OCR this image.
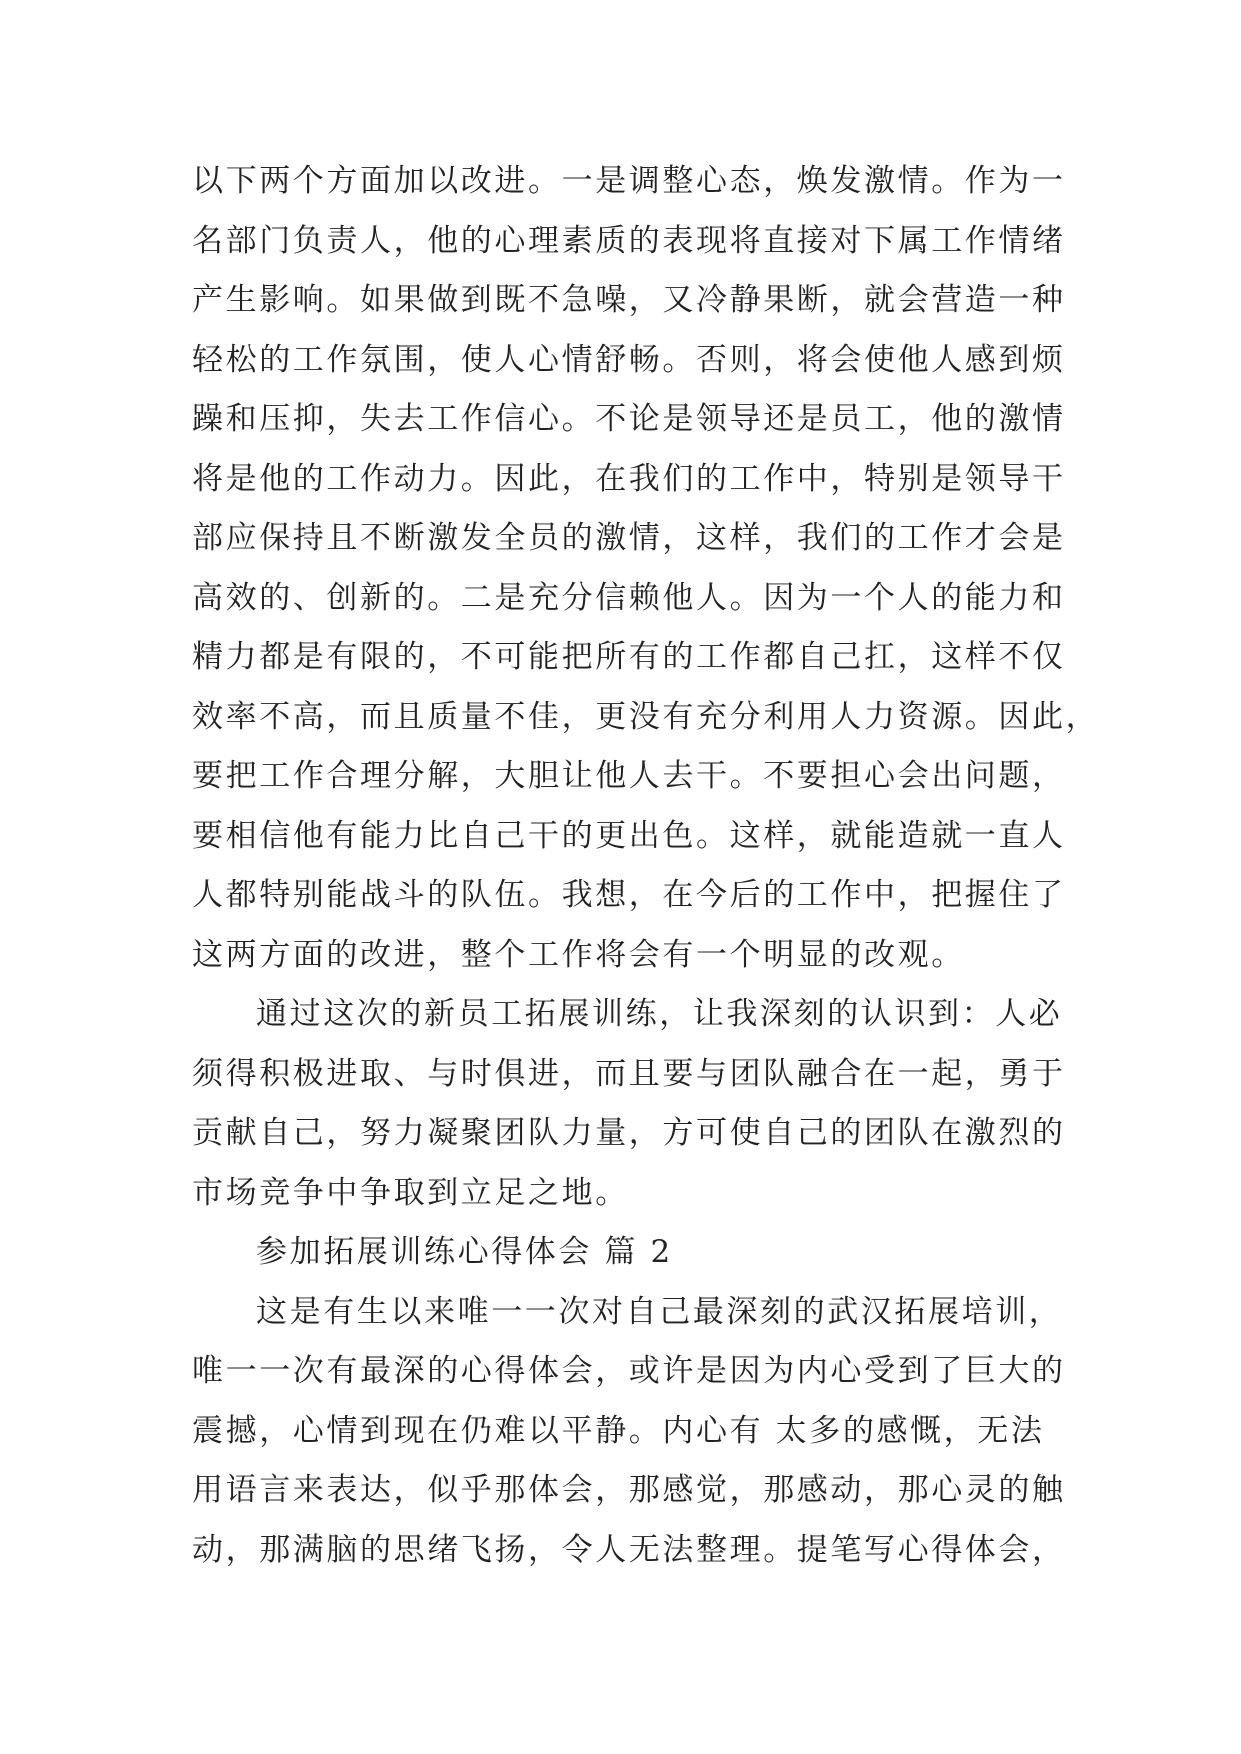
以下两个方面加以改进。一是调整心态，焕发激情。作为一
名部门负责人，他的心理素质的表现将直接对下属工作情绪
产生影响。如果做到既不急噪，又冷静果断，就会营造一种
轻松的工作氛围，使人心情舒畅。否则，将会使他人感到烦
躁和压抑，失去工作信心。不论是领导还是员工，他的激情
将是他的工作动力。因此，在我们的工作中，特别是领导干
部应保持且不断激发全员的激情，这样，我们的工作才会是
高效的、创新的。二是充分信赖他人。因为一个人的能力和
精力都是有限的，不可能把所有的工作都自己扛，这样不仅
效率不高，而且质量不佳，更没有充分利用人力资源。因此，
要把工作合理分解，大胆让他人去干。不要担心会出问题，
要相信他有能力比自己干的更出色。这样，就能造就一直人
人都特别能战斗的队伍。我想，在今后的工作中，把握住了
这两方面的改进，整个工作将会有一个明显的改观。
通过这次的新员工拓展训练，让我深刻的认识到：人必
须得积极进取、与时俱进，而且要与团队融合在一起，勇于
贡献自己，努力凝聚团队力量，方可使自己的团队在激烈的
市场竞争中争取到立足之地。
参加拓展训练心得体会 篇 2
这是有生以来唯一一次对自己最深刻的武汉拓展培训，
唯一一次有最深的心得体会，或许是因为内心受到了巨大的
震撼，心情到现在仍难以平静。内心有 太多的感慨，无法
用语言来表达，似乎那体会，那感觉，那感动，那心灵的触
动，那满脑的思绪飞扬，令人无法整理。提笔写心得体会，
